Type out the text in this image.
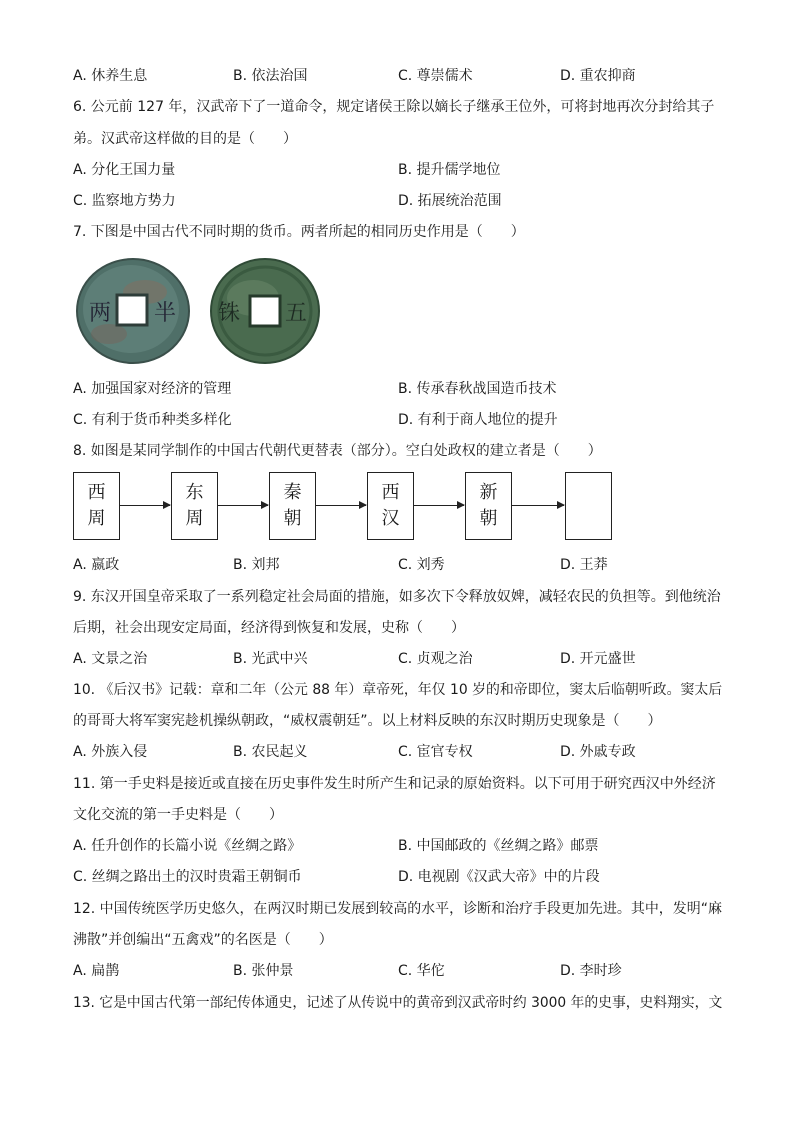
A. 休养生息	B. 依法治国	C. 尊崇儒术	D. 重农抑商
6. 公元前 127 年，汉武帝下了一道命令，规定诸侯王除以嫡长子继承王位外，可将封地再次分封给其子
弟。汉武帝这样做的目的是（　　）
A. 分化王国力量	B. 提升儒学地位
C. 监察地方势力	D. 拓展统治范围
7. 下图是中国古代不同时期的货币。两者所起的相同历史作用是（　　）
两 半 铢 五
A. 加强国家对经济的管理	B. 传承春秋战国造币技术
C. 有利于货币种类多样化	D. 有利于商人地位的提升
8. 如图是某同学制作的中国古代朝代更替表（部分）。空白处政权的建立者是（　　）
西
周
东
周
秦
朝
西
汉
新
朝
A. 嬴政	B. 刘邦	C. 刘秀	D. 王莽
9. 东汉开国皇帝采取了一系列稳定社会局面的措施，如多次下令释放奴婢，减轻农民的负担等。到他统治
后期，社会出现安定局面，经济得到恢复和发展，史称（　　）
A. 文景之治	B. 光武中兴	C. 贞观之治	D. 开元盛世
10. 《后汉书》记载：章和二年（公元 88 年）章帝死，年仅 10 岁的和帝即位，窦太后临朝听政。窦太后
的哥哥大将军窦宪趁机操纵朝政，“威权震朝廷”。以上材料反映的东汉时期历史现象是（　　）
A. 外族入侵	B. 农民起义	C. 宦官专权	D. 外戚专政
11. 第一手史料是接近或直接在历史事件发生时所产生和记录的原始资料。以下可用于研究西汉中外经济
文化交流的第一手史料是（　　）
A. 任升创作的长篇小说《丝绸之路》	B. 中国邮政的《丝绸之路》邮票
C. 丝绸之路出土的汉时贵霜王朝铜币	D. 电视剧《汉武大帝》中的片段
12. 中国传统医学历史悠久，在两汉时期已发展到较高的水平，诊断和治疗手段更加先进。其中，发明“麻
沸散”并创编出“五禽戏”的名医是（　　）
A. 扁鹊	B. 张仲景	C. 华佗	D. 李时珍
13. 它是中国古代第一部纪传体通史，记述了从传说中的黄帝到汉武帝时约 3000 年的史事，史料翔实，文
